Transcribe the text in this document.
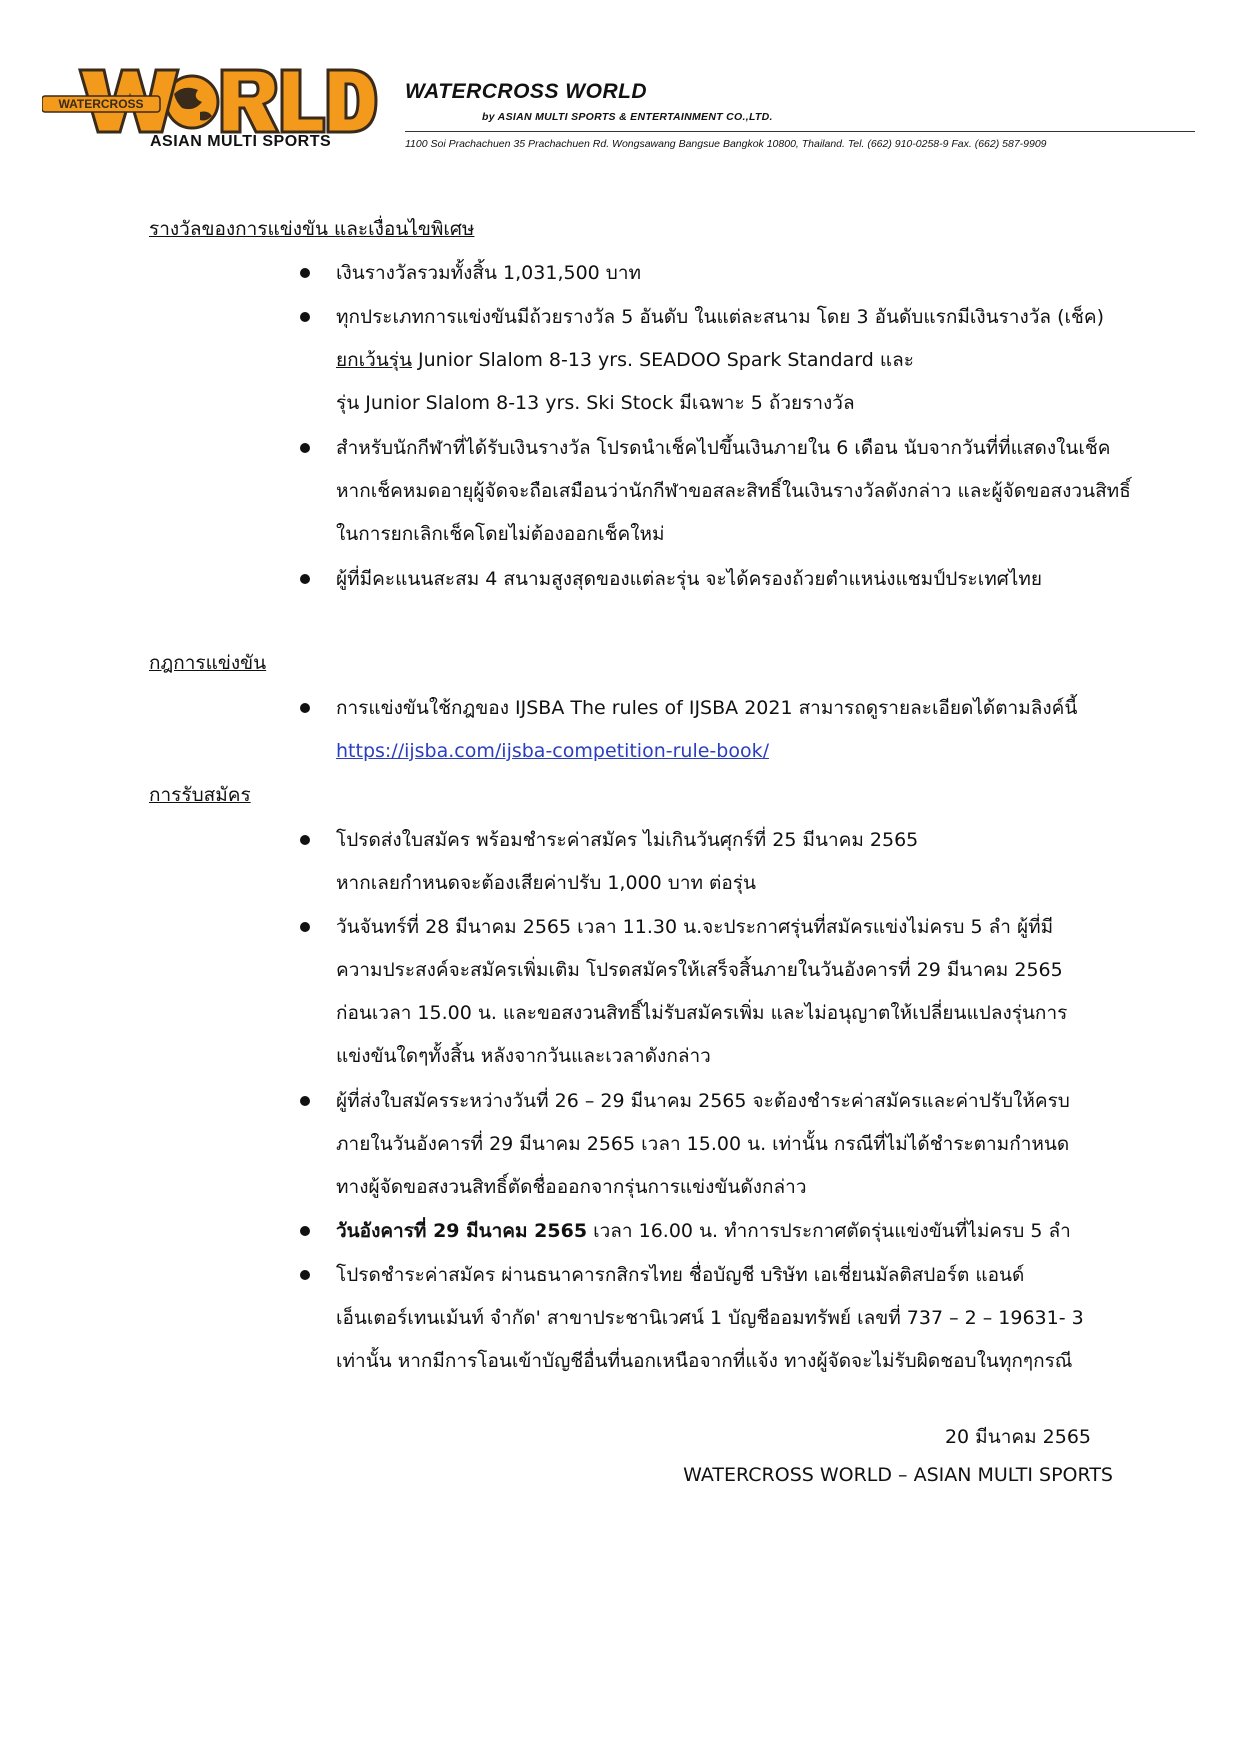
WATERCROSS
ASIAN MULTI SPORTS
WATERCROSS WORLD
by ASIAN MULTI SPORTS & ENTERTAINMENT CO.,LTD.
1100 Soi Prachachuen 35 Prachachuen Rd. Wongsawang Bangsue Bangkok 10800, Thailand. Tel. (662) 910-0258-9 Fax. (662) 587-9909
รางวัลของการแข่งขัน และเงื่อนไขพิเศษ
เงินรางวัลรวมทั้งสิ้น 1,031,500 บาท
ทุกประเภทการแข่งขันมีถ้วยรางวัล 5 อันดับ ในแต่ละสนาม โดย 3 อันดับแรกมีเงินรางวัล (เช็ค)
ยกเว้นรุ่น Junior Slalom 8-13 yrs. SEADOO Spark Standard และ
รุ่น Junior Slalom 8-13 yrs. Ski Stock มีเฉพาะ 5 ถ้วยรางวัล
สำหรับนักกีฬาที่ได้รับเงินรางวัล โปรดนำเช็คไปขึ้นเงินภายใน 6 เดือน นับจากวันที่ที่แสดงในเช็ค
หากเช็คหมดอายุผู้จัดจะถือเสมือนว่านักกีฬาขอสละสิทธิ์ในเงินรางวัลดังกล่าว และผู้จัดขอสงวนสิทธิ์
ในการยกเลิกเช็คโดยไม่ต้องออกเช็คใหม่
ผู้ที่มีคะแนนสะสม 4 สนามสูงสุดของแต่ละรุ่น จะได้ครองถ้วยตำแหน่งแชมป์ประเทศไทย
กฎการแข่งขัน
การแข่งขันใช้กฎของ IJSBA The rules of IJSBA 2021 สามารถดูรายละเอียดได้ตามลิงค์นี้
https://ijsba.com/ijsba-competition-rule-book/
การรับสมัคร
โปรดส่งใบสมัคร พร้อมชำระค่าสมัคร ไม่เกินวันศุกร์ที่ 25 มีนาคม 2565
หากเลยกำหนดจะต้องเสียค่าปรับ 1,000 บาท ต่อรุ่น
วันจันทร์ที่ 28 มีนาคม 2565 เวลา 11.30 น.จะประกาศรุ่นที่สมัครแข่งไม่ครบ 5 ลำ ผู้ที่มี
ความประสงค์จะสมัครเพิ่มเติม โปรดสมัครให้เสร็จสิ้นภายในวันอังคารที่ 29 มีนาคม 2565
ก่อนเวลา 15.00 น. และขอสงวนสิทธิ์ไม่รับสมัครเพิ่ม และไม่อนุญาตให้เปลี่ยนแปลงรุ่นการ
แข่งขันใดๆทั้งสิ้น หลังจากวันและเวลาดังกล่าว
ผู้ที่ส่งใบสมัครระหว่างวันที่ 26 – 29 มีนาคม 2565 จะต้องชำระค่าสมัครและค่าปรับให้ครบ
ภายในวันอังคารที่ 29 มีนาคม 2565 เวลา 15.00 น. เท่านั้น กรณีที่ไม่ได้ชำระตามกำหนด
ทางผู้จัดขอสงวนสิทธิ์ตัดชื่อออกจากรุ่นการแข่งขันดังกล่าว
วันอังคารที่ 29 มีนาคม 2565 เวลา 16.00 น. ทำการประกาศตัดรุ่นแข่งขันที่ไม่ครบ 5 ลำ
โปรดชำระค่าสมัคร ผ่านธนาคารกสิกรไทย ชื่อบัญชี บริษัท เอเชี่ยนมัลติสปอร์ต แอนด์
เอ็นเตอร์เทนเม้นท์ จำกัด' สาขาประชานิเวศน์ 1 บัญชีออมทรัพย์ เลขที่ 737 – 2 – 19631- 3
เท่านั้น หากมีการโอนเข้าบัญชีอื่นที่นอกเหนือจากที่แจ้ง ทางผู้จัดจะไม่รับผิดชอบในทุกๆกรณี
20 มีนาคม 2565
WATERCROSS WORLD – ASIAN MULTI SPORTS
